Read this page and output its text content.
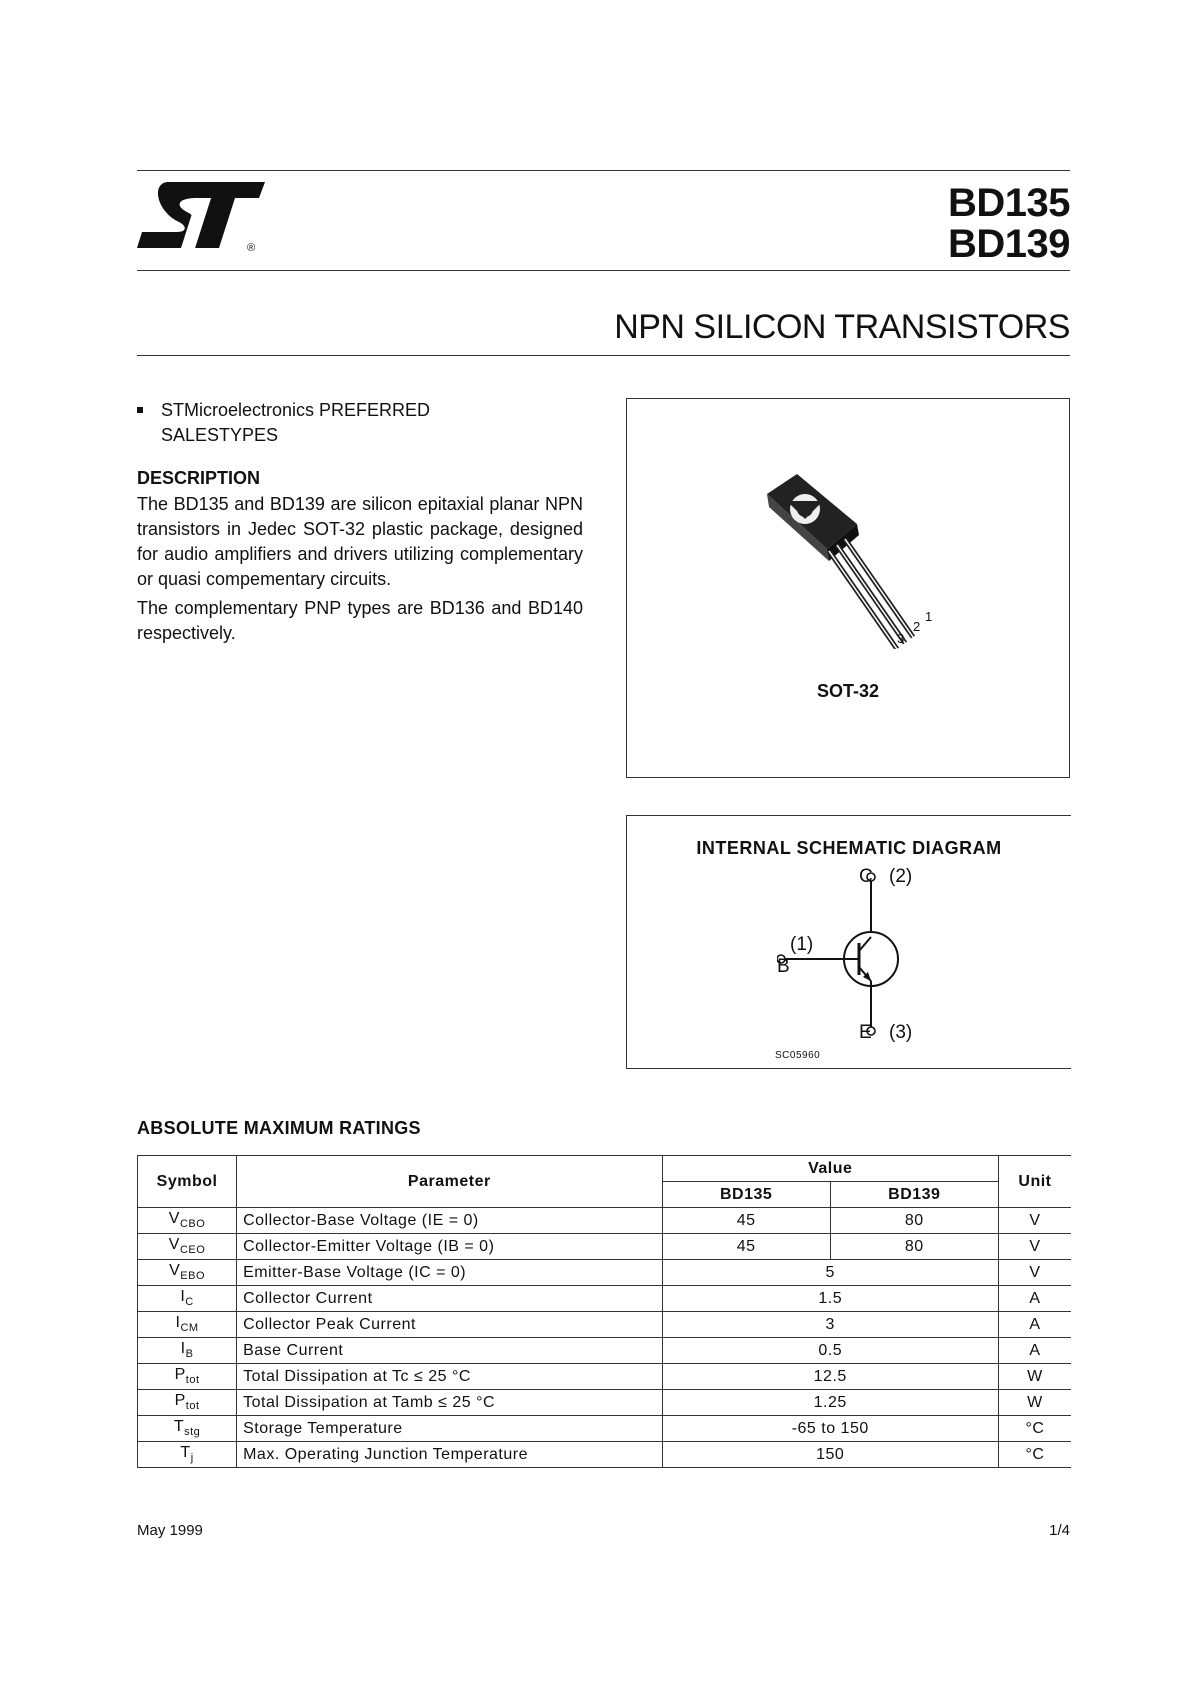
®
BD135
BD139
NPN SILICON TRANSISTORS
STMicroelectronics PREFERRED SALESTYPES
DESCRIPTION

The BD135 and BD139 are silicon epitaxial planar NPN transistors in Jedec SOT-32 plastic package, designed for audio amplifiers and drivers utilizing complementary or quasi compementary circuits.

The complementary PNP types are BD136 and BD140 respectively.

1
2
3
SOT-32
INTERNAL SCHEMATIC DIAGRAM
C (2)
(1)
B
E (3)
SC05960
ABSOLUTE MAXIMUM RATINGS
Symbol	Parameter	Value		Unit
		BD135	BD139	
$V_{CBO}$	Collector-Base Voltage (IE = 0)	45	80	V
$V_{CEO}$	Collector-Emitter Voltage (IB = 0)	45	80	V
$V_{EBO}$	Emitter-Base Voltage (IC = 0)	5		V
$I_C$	Collector Current	1.5		A
$I_{CM}$	Collector Peak Current	3		A
$I_B$	Base Current	0.5		A
$P_{tot}$	Total Dissipation at Tc ≤ 25 °C	12.5		W
$P_{tot}$	Total Dissipation at Tamb ≤ 25 °C	1.25		W
$T_{stg}$	Storage Temperature	-65 to 150		°C
$T_j$	Max. Operating Junction Temperature	150		°C
May 1999	1/4
